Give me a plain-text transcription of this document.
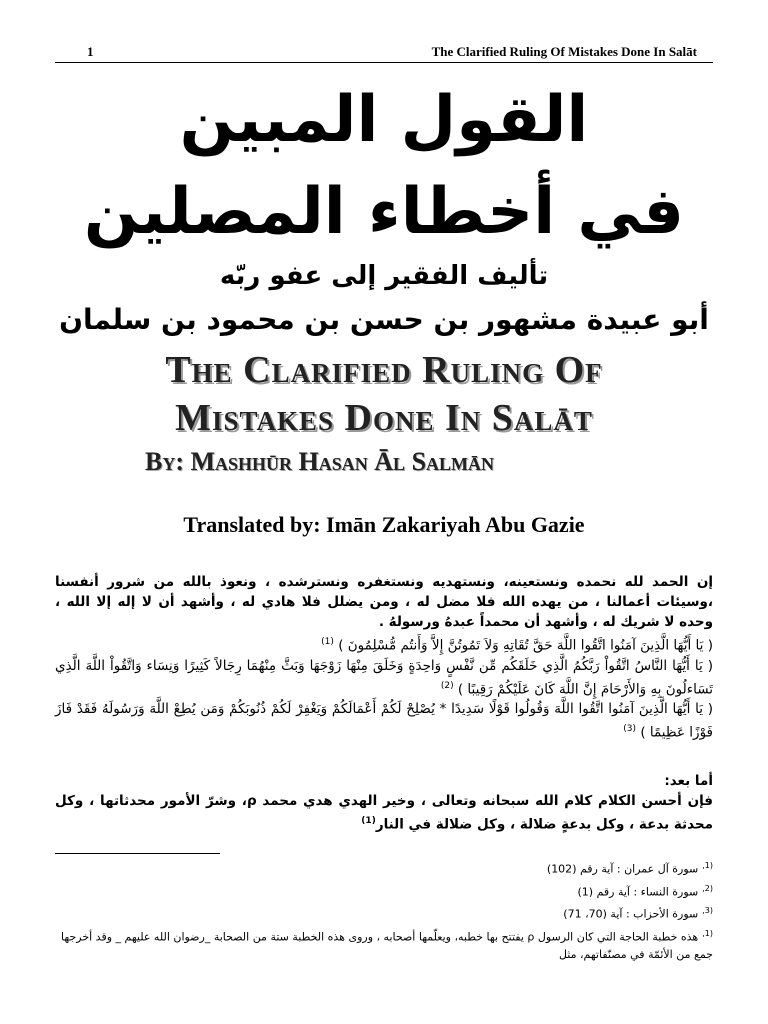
1	The Clarified Ruling Of Mistakes Done In Salāt
القول المبين
في أخطاء المصلين
تأليف الفقير إلى عفو ربّه
أبو عبيدة مشهور بن حسن بن محمود بن سلمان
The Clarified Ruling Of
Mistakes Done In Salāt
By: Mashhūr Hasan Āl Salmān
Translated by: Imān Zakariyah Abu Gazie

إن الحمد لله نحمده ونستعينه، ونستهديه ونستغفره ونسترشده ، ونعوذ بالله من شرور أنفسنا ،وسيئات أعمالنا ، من يهده الله فلا مضل له ، ومن يضلل فلا هادي له ، وأشهد أن لا إله إلا الله ، وحده لا شريك له ، وأشهد أن محمداً عبدهُ ورسولهُ .

( يَا أَيُّهَا الَّذِينَ آمَنُوا اتَّقُوا اللَّهَ حَقَّ تُقَاتِهِ وَلاَ تَمُوتُنَّ إِلاَّ وَأَنتُم مُّسْلِمُونَ ) $^{(1)}$

( يَا أَيُّهَا النَّاسُ اتَّقُواْ رَبَّكُمُ الَّذِي خَلَقَكُم مِّن نَّفْسٍ وَاحِدَةٍ وَخَلَقَ مِنْهَا زَوْجَهَا وَبَثَّ مِنْهُمَا رِجَالاً كَثِيرًا وَنِسَاء وَاتَّقُواْ اللَّهَ الَّذِي تَسَاءلُونَ بِهِ وَالأَرْحَامَ إِنَّ اللَّهَ كَانَ عَلَيْكُمْ رَقِيبًا ) $^{(2)}$

( يَا أَيُّهَا الَّذِينَ آمَنُوا اتَّقُوا اللَّهَ وَقُولُوا قَوْلًا سَدِيدًا * يُصْلِحْ لَكُمْ أَعْمَالَكُمْ وَيَغْفِرْ لَكُمْ ذُنُوبَكُمْ وَمَن يُطِعْ اللَّهَ وَرَسُولَهُ فَقَدْ فَازَ فَوْزًا عَظِيمًا ) $^{(3)}$

أما بعد:

فإن أحسن الكلام كلام الله سبحانه وتعالى ، وخير الهدي هدي محمد ρ، وشرّ الأمور محدثاتها ، وكل محدثة بدعة ، وكل بدعةٍ ضلالة ، وكل ضلالة في النار$^{(1)}$

$^{(1,}$سورة آل عمران : آية رقم (102)

$^{(2,}$سورة النساء : آية رقم (1)

$^{(3,}$سورة الأحزاب : آية (70، 71)

$^{(1,}$هذه خطبة الحاجة التي كان الرسول ρ يفتتح بها خطبه، ويعلّمها أصحابه ، وروى هذه الخطبة ستة من الصحابة _رضوان الله عليهم _ وقد أخرجها جمع من الأئمّة في مصنّفاتهم، مثل
